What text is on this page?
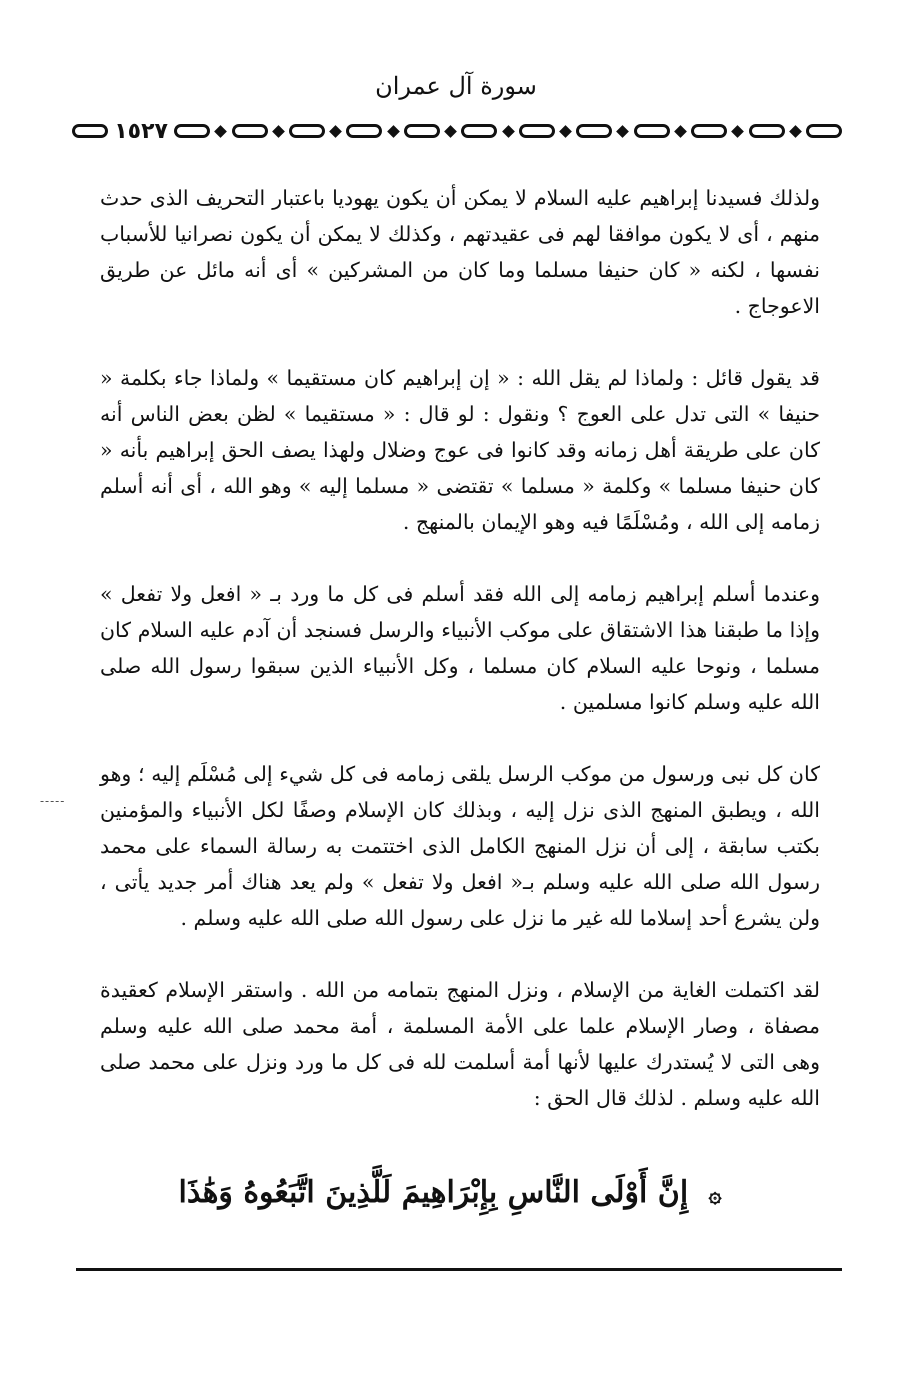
سورة آل عمران
١٥٢٧

ولذلك فسيدنا إبراهيم عليه السلام لا يمكن أن يكون يهوديا باعتبار التحريف الذى حدث منهم ، أى لا يكون موافقا لهم فى عقيدتهم ، وكذلك لا يمكن أن يكون نصرانيا للأسباب نفسها ، لكنه « كان حنيفا مسلما وما كان من المشركين » أى أنه مائل عن طريق الاعوجاج .

قد يقول قائل : ولماذا لم يقل الله : « إن إبراهيم كان مستقيما » ولماذا جاء بكلمة « حنيفا » التى تدل على العوج ؟ ونقول : لو قال : « مستقيما » لظن بعض الناس أنه كان على طريقة أهل زمانه وقد كانوا فى عوج وضلال ولهذا يصف الحق إبراهيم بأنه « كان حنيفا مسلما » وكلمة « مسلما » تقتضى « مسلما إليه » وهو الله ، أى أنه أسلم زمامه إلى الله ، ومُسْلَمًا فيه وهو الإيمان بالمنهج .

وعندما أسلم إبراهيم زمامه إلى الله فقد أسلم فى كل ما ورد بـ « افعل ولا تفعل » وإذا ما طبقنا هذا الاشتقاق على موكب الأنبياء والرسل فسنجد أن آدم عليه السلام كان مسلما ، ونوحا عليه السلام كان مسلما ، وكل الأنبياء الذين سبقوا رسول الله صلى الله عليه وسلم كانوا مسلمين .

كان كل نبى ورسول من موكب الرسل يلقى زمامه فى كل شيء إلى مُسْلَم إليه ؛ وهو الله ، ويطبق المنهج الذى نزل إليه ، وبذلك كان الإسلام وصفًا لكل الأنبياء والمؤمنين بكتب سابقة ، إلى أن نزل المنهج الكامل الذى اختتمت به رسالة السماء على محمد رسول الله صلى الله عليه وسلم بـ« افعل ولا تفعل » ولم يعد هناك أمر جديد يأتى ، ولن يشرع أحد إسلاما لله غير ما نزل على رسول الله صلى الله عليه وسلم .

لقد اكتملت الغاية من الإسلام ، ونزل المنهج بتمامه من الله . واستقر الإسلام كعقيدة مصفاة ، وصار الإسلام علما على الأمة المسلمة ، أمة محمد صلى الله عليه وسلم وهى التى لا يُستدرك عليها لأنها أمة أسلمت لله فى كل ما ورد ونزل على محمد صلى الله عليه وسلم . لذلك قال الحق :

-----
۞ إِنَّ أَوْلَى النَّاسِ بِإِبْرَاهِيمَ لَلَّذِينَ اتَّبَعُوهُ وَهَٰذَا
